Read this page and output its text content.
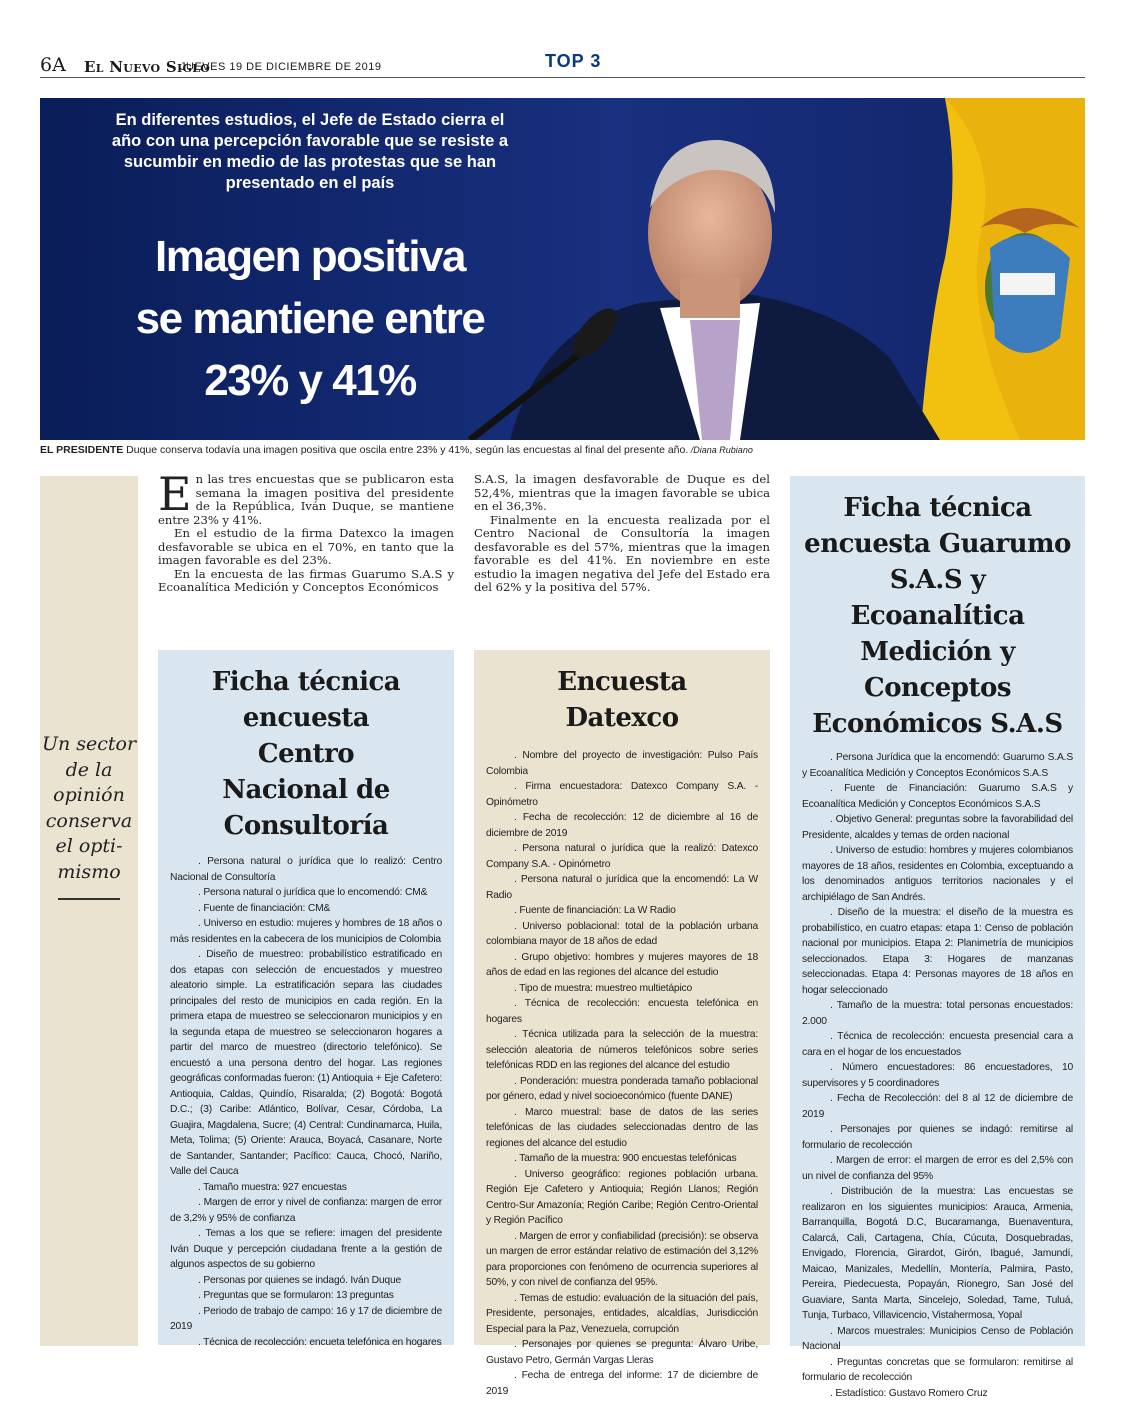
6A El Nuevo Siglo
JUEVES 19 DE DICIEMBRE DE 2019	TOP 3
En diferentes estudios, el Jefe de Estado cierra el año con una percepción favorable que se resiste a sucumbir en medio de las protestas que se han presentado en el país
Imagen positiva
se mantiene entre
23% y 41%
EL PRESIDENTE Duque conserva todavía una imagen positiva que oscila entre 23% y 41%, según las encuestas al final del presente año. /Diana Rubiano
Un sector de la opinión conserva el opti- mismo

En las tres encuestas que se publicaron esta semana la imagen positiva del presidente de la República, Iván Duque, se mantiene entre 23% y 41%.

En el estudio de la firma Datexco la imagen desfavorable se ubica en el 70%, en tanto que la imagen favorable es del 23%.

En la encuesta de las firmas Guarumo S.A.S y Ecoanalítica Medición y Conceptos Económicos

S.A.S, la imagen desfavorable de Duque es del 52,4%, mientras que la imagen favorable se ubica en el 36,3%.

Finalmente en la encuesta realizada por el Centro Nacional de Consultoría la imagen desfavorable es del 57%, mientras que la imagen favorable es del 41%. En noviembre en este estudio la imagen negativa del Jefe del Estado era del 62% y la positiva del 57%.

Ficha técnica encuesta Centro Nacional de Consultoría

. Persona natural o jurídica que lo realizó: Centro Nacional de Consultoría

. Persona natural o jurídica que lo encomendó: CM&

. Fuente de financiación: CM&

. Universo en estudio: mujeres y hombres de 18 años o más residentes en la cabecera de los municipios de Colombia

. Diseño de muestreo: probabilístico estratificado en dos etapas con selección de encuestados y muestreo aleatorio simple. La estratificación separa las ciudades principales del resto de municipios en cada región. En la primera etapa de muestreo se seleccionaron municipios y en la segunda etapa de muestreo se seleccionaron hogares a partir del marco de muestreo (directorio telefónico). Se encuestó a una persona dentro del hogar. Las regiones geográficas conformadas fueron: (1) Antioquia + Eje Cafetero: Antioquia, Caldas, Quindío, Risaralda; (2) Bogotá: Bogotá D.C.; (3) Caribe: Atlántico, Bolívar, Cesar, Córdoba, La Guajira, Magdalena, Sucre; (4) Central: Cundinamarca, Huila, Meta, Tolima; (5) Oriente: Arauca, Boyacá, Casanare, Norte de Santander, Santander; Pacífico: Cauca, Chocó, Nariño, Valle del Cauca

. Tamaño muestra: 927 encuestas

. Margen de error y nivel de confianza: margen de error de 3,2% y 95% de confianza

. Temas a los que se refiere: imagen del presidente Iván Duque y percepción ciudadana frente a la gestión de algunos aspectos de su gobierno

. Personas por quienes se indagó. Iván Duque

. Preguntas que se formularon: 13 preguntas

. Periodo de trabajo de campo: 16 y 17 de diciembre de 2019

. Técnica de recolección: encueta telefónica en hogares

Encuesta Datexco

. Nombre del proyecto de investigación: Pulso País Colombia

. Firma encuestadora: Datexco Company S.A. - Opinómetro

. Fecha de recolección: 12 de diciembre al 16 de diciembre de 2019

. Persona natural o jurídica que la realizó: Datexco Company S.A. - Opinómetro

. Persona natural o jurídica que la encomendó: La W Radio

. Fuente de financiación: La W Radio

. Universo poblacional: total de la población urbana colombiana mayor de 18 años de edad

. Grupo objetivo: hombres y mujeres mayores de 18 años de edad en las regiones del alcance del estudio

. Tipo de muestra: muestreo multietápico

. Técnica de recolección: encuesta telefónica en hogares

. Técnica utilizada para la selección de la muestra: selección aleatoria de números telefónicos sobre series telefónicas RDD en las regiones del alcance del estudio

. Ponderación: muestra ponderada tamaño poblacional por género, edad y nivel socioeconómico (fuente DANE)

. Marco muestral: base de datos de las series telefónicas de las ciudades seleccionadas dentro de las regiones del alcance del estudio

. Tamaño de la muestra: 900 encuestas telefónicas

. Universo geográfico: regiones población urbana. Región Eje Cafetero y Antioquia; Región Llanos; Región Centro-Sur Amazonía; Región Caribe; Región Centro-Oriental y Región Pacífico

. Margen de error y confiabilidad (precisión): se observa un margen de error estándar relativo de estimación del 3,12% para proporciones con fenómeno de ocurrencia superiores al 50%, y con nivel de confianza del 95%.

. Temas de estudio: evaluación de la situación del país, Presidente, personajes, entidades, alcaldías, Jurisdicción Especial para la Paz, Venezuela, corrupción

. Personajes por quienes se pregunta: Álvaro Uribe, Gustavo Petro, Germán Vargas Lleras

. Fecha de entrega del informe: 17 de diciembre de 2019

Ficha técnica encuesta Guarumo S.A.S y Ecoanalítica Medición y Conceptos Económicos S.A.S

. Persona Jurídica que la encomendó: Guarumo S.A.S y Ecoanalítica Medición y Conceptos Económicos S.A.S

. Fuente de Financiación: Guarumo S.A.S y Ecoanalítica Medición y Conceptos Económicos S.A.S

. Objetivo General: preguntas sobre la favorabilidad del Presidente, alcaldes y temas de orden nacional

. Universo de estudio: hombres y mujeres colombianos mayores de 18 años, residentes en Colombia, exceptuando a los denominados antiguos territorios nacionales y el archipiélago de San Andrés.

. Diseño de la muestra: el diseño de la muestra es probabilístico, en cuatro etapas: etapa 1: Censo de población nacional por municipios. Etapa 2: Planimetría de municipios seleccionados. Etapa 3: Hogares de manzanas seleccionadas. Etapa 4: Personas mayores de 18 años en hogar seleccionado

. Tamaño de la muestra: total personas encuestados: 2.000

. Técnica de recolección: encuesta presencial cara a cara en el hogar de los encuestados

. Número encuestadores: 86 encuestadores, 10 supervisores y 5 coordinadores

. Fecha de Recolección: del 8 al 12 de diciembre de 2019

. Personajes por quienes se indagó: remitirse al formulario de recolección

. Margen de error: el margen de error es del 2,5% con un nivel de confianza del 95%

. Distribución de la muestra: Las encuestas se realizaron en los siguientes municipios: Arauca, Armenia, Barranquilla, Bogotá D.C, Bucaramanga, Buenaventura, Calarcá, Cali, Cartagena, Chía, Cúcuta, Dosquebradas, Envigado, Florencia, Girardot, Girón, Ibagué, Jamundí, Maicao, Manizales, Medellín, Montería, Palmira, Pasto, Pereira, Piedecuesta, Popayán, Rionegro, San José del Guaviare, Santa Marta, Sincelejo, Soledad, Tame, Tuluá, Tunja, Turbaco, Villavicencio, Vistahermosa, Yopal

. Marcos muestrales: Municipios Censo de Población Nacional

. Preguntas concretas que se formularon: remitirse al formulario de recolección

. Estadístico: Gustavo Romero Cruz
